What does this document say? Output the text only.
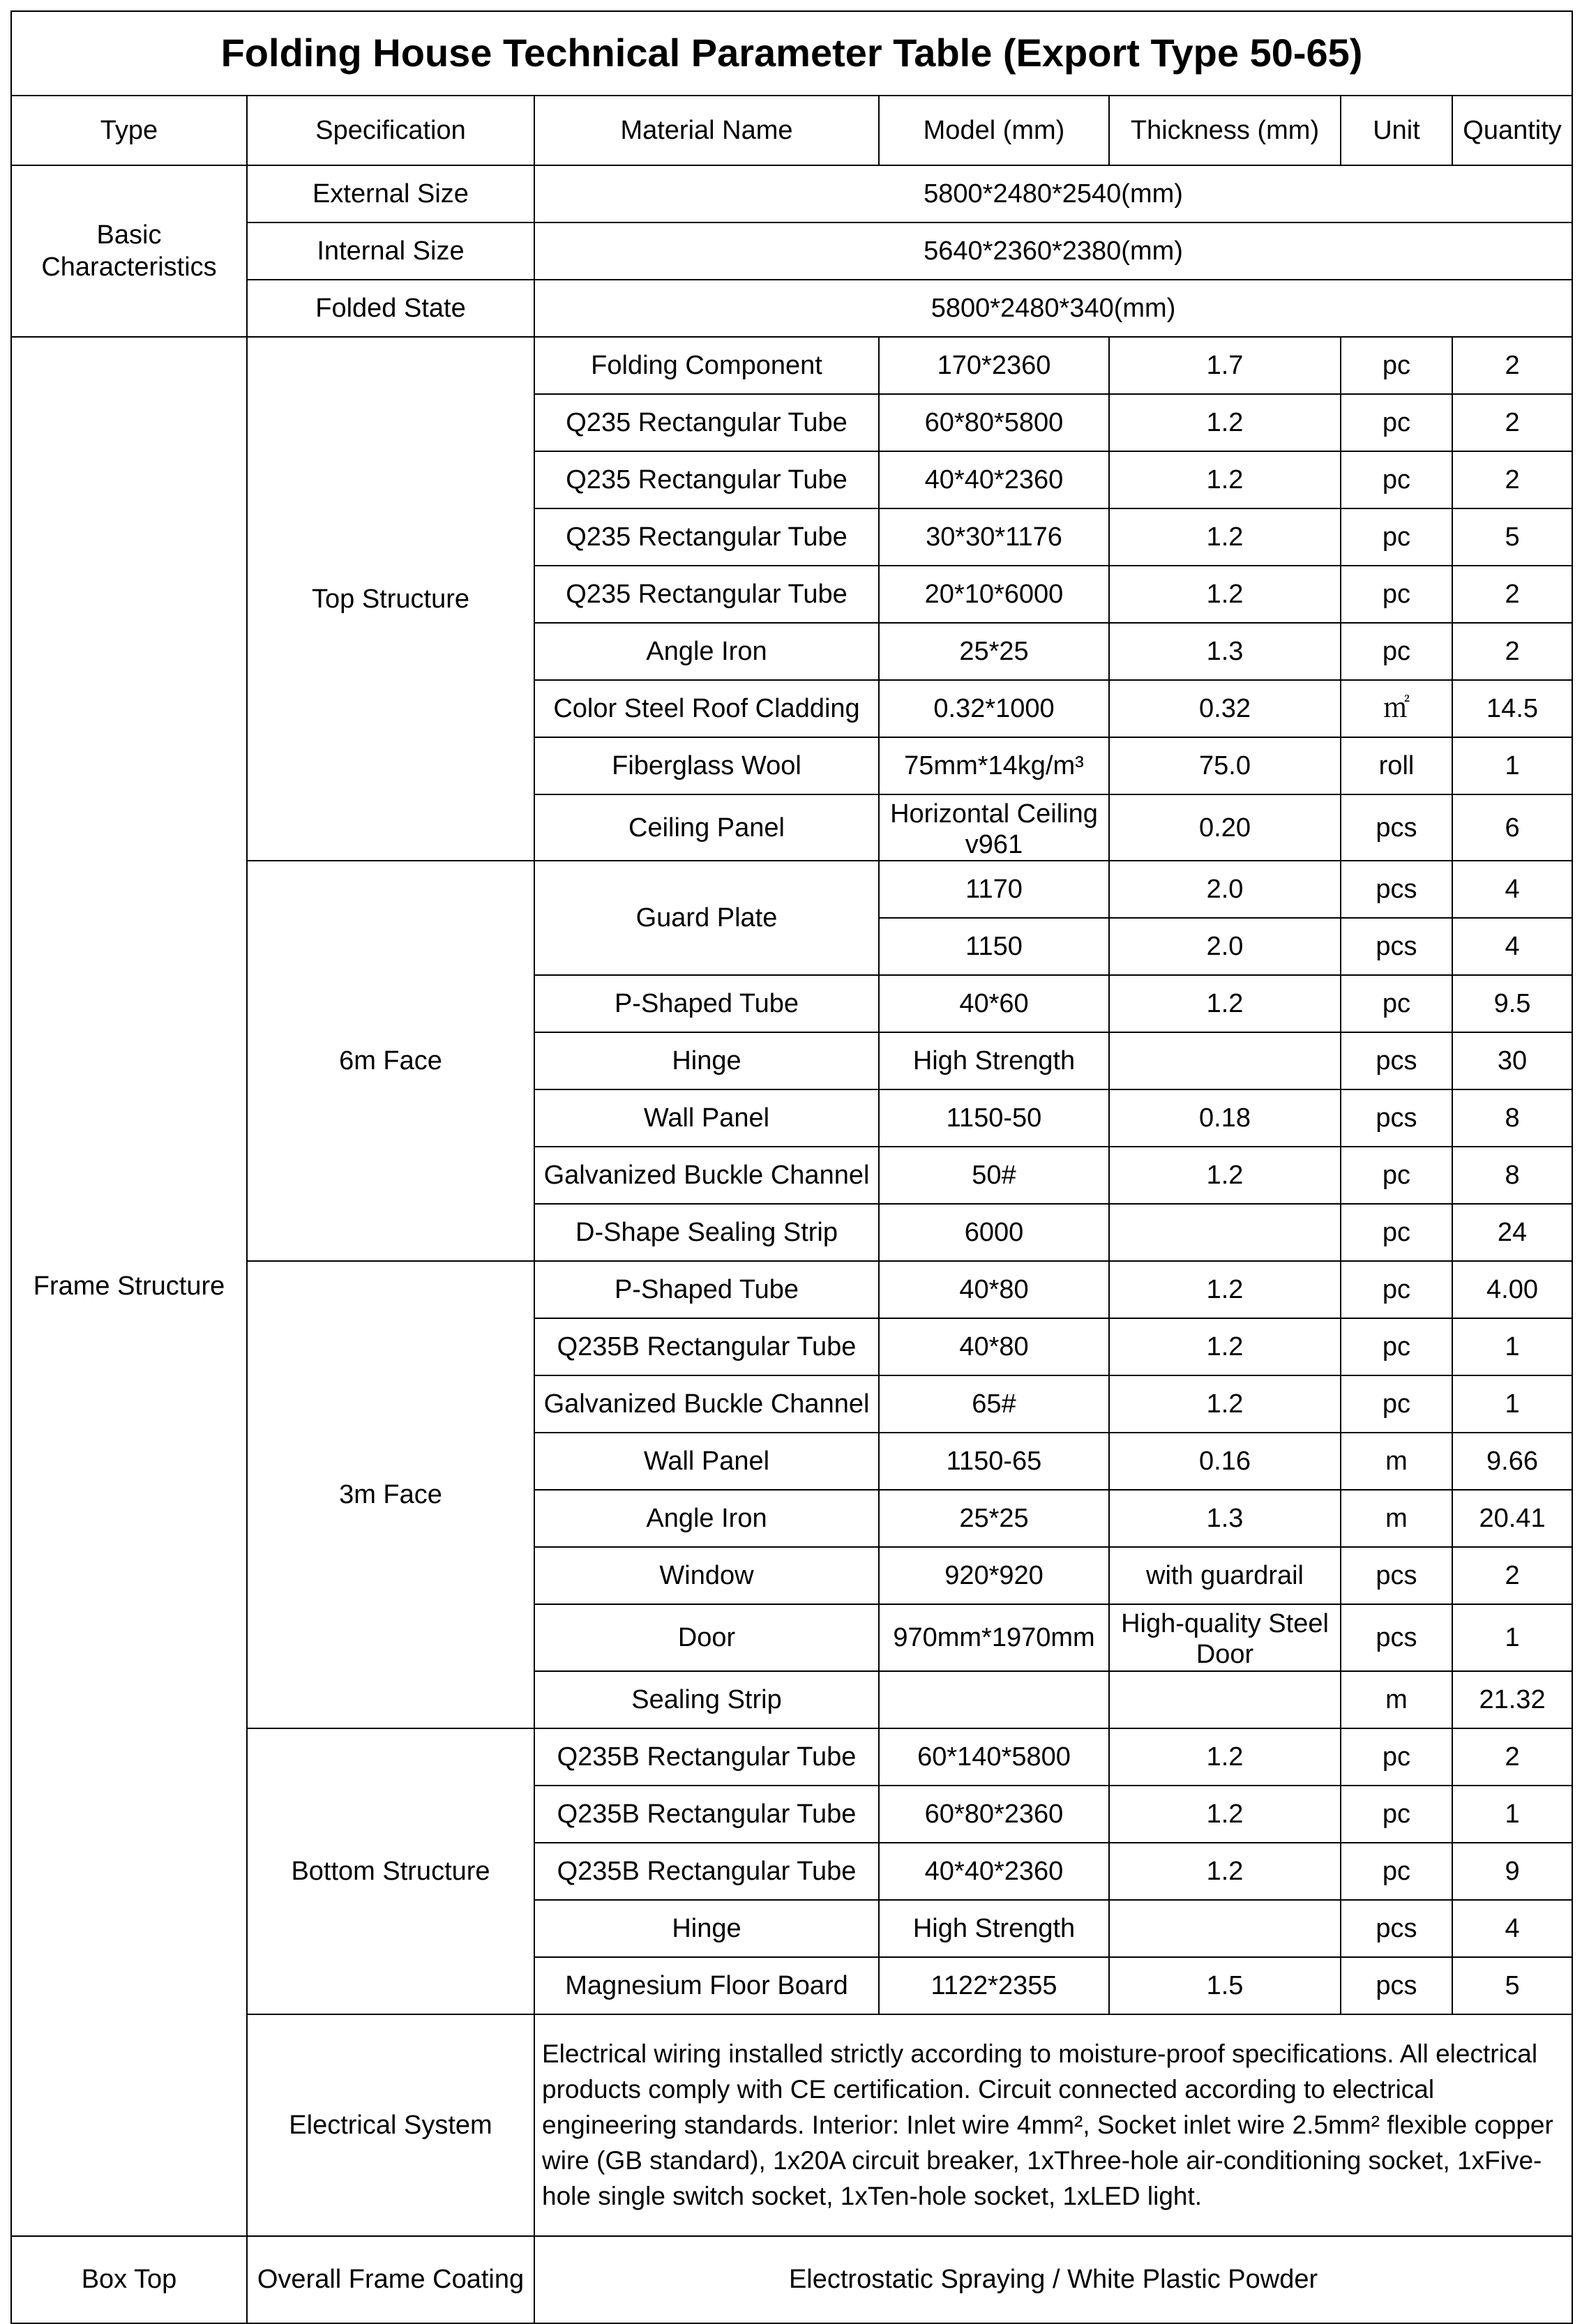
Folding House Technical Parameter Table (Export Type 50-65)						
Type	Specification	Material Name	Model (mm)	Thickness (mm)	Unit	Quantity
Basic Characteristics	External Size	5800*2480*2540(mm)				
	Internal Size	5640*2360*2380(mm)				
	Folded State	5800*2480*340(mm)				
Frame Structure	Top Structure	Folding Component	170*2360	1.7	pc	2
		Q235 Rectangular Tube	60*80*5800	1.2	pc	2
		Q235 Rectangular Tube	40*40*2360	1.2	pc	2
		Q235 Rectangular Tube	30*30*1176	1.2	pc	5
		Q235 Rectangular Tube	20*10*6000	1.2	pc	2
		Angle Iron	25*25	1.3	pc	2
		Color Steel Roof Cladding	0.32*1000	0.32	㎡	14.5
		Fiberglass Wool	75mm*14kg/m³	75.0	roll	1
		Ceiling Panel	Horizontal Ceiling v961	0.20	pcs	6
	6m Face	Guard Plate	1170	2.0	pcs	4
			1150	2.0	pcs	4
		P-Shaped Tube	40*60	1.2	pc	9.5
		Hinge	High Strength		pcs	30
		Wall Panel	1150-50	0.18	pcs	8
		Galvanized Buckle Channel	50#	1.2	pc	8
		D-Shape Sealing Strip	6000		pc	24
	3m Face	P-Shaped Tube	40*80	1.2	pc	4.00
		Q235B Rectangular Tube	40*80	1.2	pc	1
		Galvanized Buckle Channel	65#	1.2	pc	1
		Wall Panel	1150-65	0.16	m	9.66
		Angle Iron	25*25	1.3	m	20.41
		Window	920*920	with guardrail	pcs	2
		Door	970mm*1970mm	High-quality Steel Door	pcs	1
		Sealing Strip			m	21.32
	Bottom Structure	Q235B Rectangular Tube	60*140*5800	1.2	pc	2
		Q235B Rectangular Tube	60*80*2360	1.2	pc	1
		Q235B Rectangular Tube	40*40*2360	1.2	pc	9
		Hinge	High Strength		pcs	4
		Magnesium Floor Board	1122*2355	1.5	pcs	5
	Electrical System	Electrical wiring installed strictly according to moisture-proof specifications. All electrical products comply with CE certification. Circuit connected according to electrical engineering standards. Interior: Inlet wire 4mm², Socket inlet wire 2.5mm² flexible copper wire (GB standard), 1x20A circuit breaker, 1xThree-hole air-conditioning socket, 1xFive-hole single switch socket, 1xTen-hole socket, 1xLED light.				
Box Top	Overall Frame Coating	Electrostatic Spraying / White Plastic Powder				
